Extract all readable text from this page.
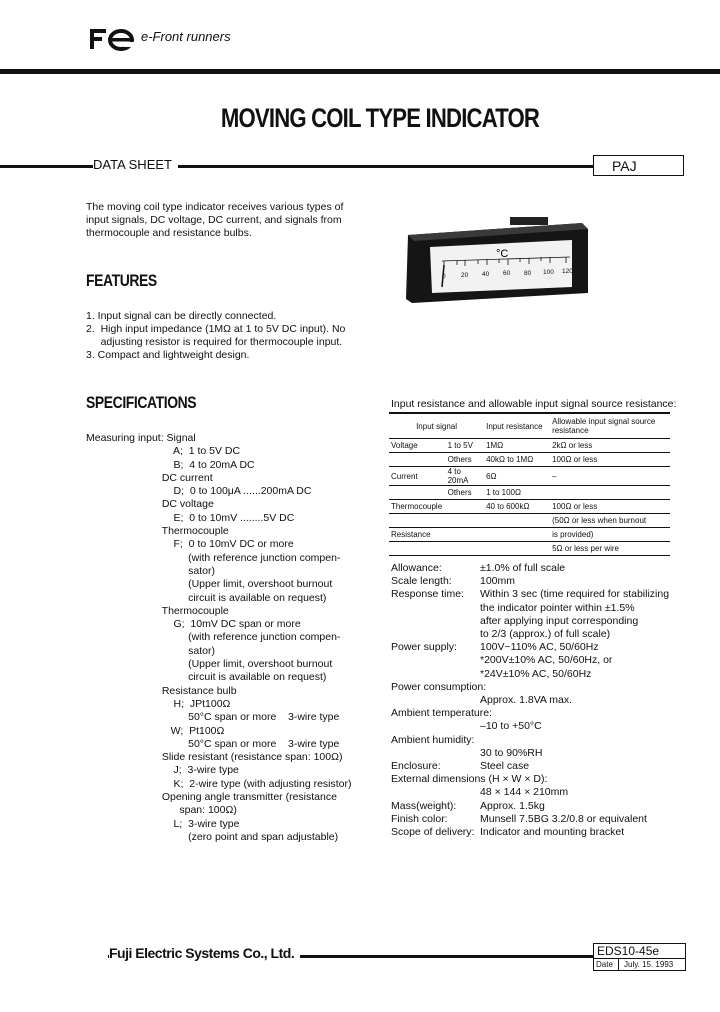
e-Front runners
MOVING COIL TYPE INDICATOR
DATA SHEET	PAJ
The moving coil type indicator receives various types of input signals, DC voltage, DC current, and signals from thermocouple and resistance bulbs.
°C
0 20 40 60 80 100 120
FEATURES
1. Input signal can be directly connected.
2.  High input impedance (1MΩ at 1 to 5V DC input). No
adjusting resistor is required for thermocouple input.
3. Compact and lightweight design.
SPECIFICATIONS
Measuring input: Signal
A;  1 to 5V DC
B;  4 to 20mA DC
DC current
D;  0 to 100μA ......200mA DC
DC voltage
E;  0 to 10mV ........5V DC
Thermocouple
F;  0 to 10mV DC or more
(with reference junction compen-
sator)
(Upper limit, overshoot burnout
circuit is available on request)
Thermocouple
G;  10mV DC span or more
(with reference junction compen-
sator)
(Upper limit, overshoot burnout
circuit is available on request)
Resistance bulb
H;  JPt100Ω
50°C span or more    3-wire type
W;  Pt100Ω
50°C span or more    3-wire type
Slide resistant (resistance span: 100Ω)
J;  3-wire type
K;  2-wire type (with adjusting resistor)
Opening angle transmitter (resistance
span: 100Ω)
L;  3-wire type
(zero point and span adjustable)
Input resistance and allowable input signal source resistance:
Input signal		Input resistance	Allowable input signal source resistance
Voltage	1 to 5V	1MΩ	2kΩ or less
	Others	40kΩ to 1MΩ	100Ω or less
Current	4 to 20mA	6Ω	–
	Others	1 to 100Ω	
Thermocouple		40 to 600kΩ	100Ω or less
			(50Ω or less when burnout
Resistance			is provided)
			5Ω or less per wire
Allowance:	±1.0% of full scale
Scale length:	100mm
Response time: Within 3 sec (time required for stabilizing
the indicator pointer within ±1.5%
after applying input corresponding
to 2/3 (approx.) of full scale)
Power supply: 100V~110% AC, 50/60Hz
*200V±10% AC, 50/60Hz, or
*24V±10% AC, 50/60Hz
Power consumption:
Approx. 1.8VA max.
Ambient temperature:
–10 to +50°C
Ambient humidity:
30 to 90%RH
Enclosure:	Steel case
External dimensions (H × W × D):
48 × 144 × 210mm
Mass(weight): Approx. 1.5kg
Finish color:	Munsell 7.5BG 3.2/0.8 or equivalent
Scope of delivery: Indicator and mounting bracket
Fuji Electric Systems Co., Ltd.	EDS10-45e
Date July. 15. 1993
